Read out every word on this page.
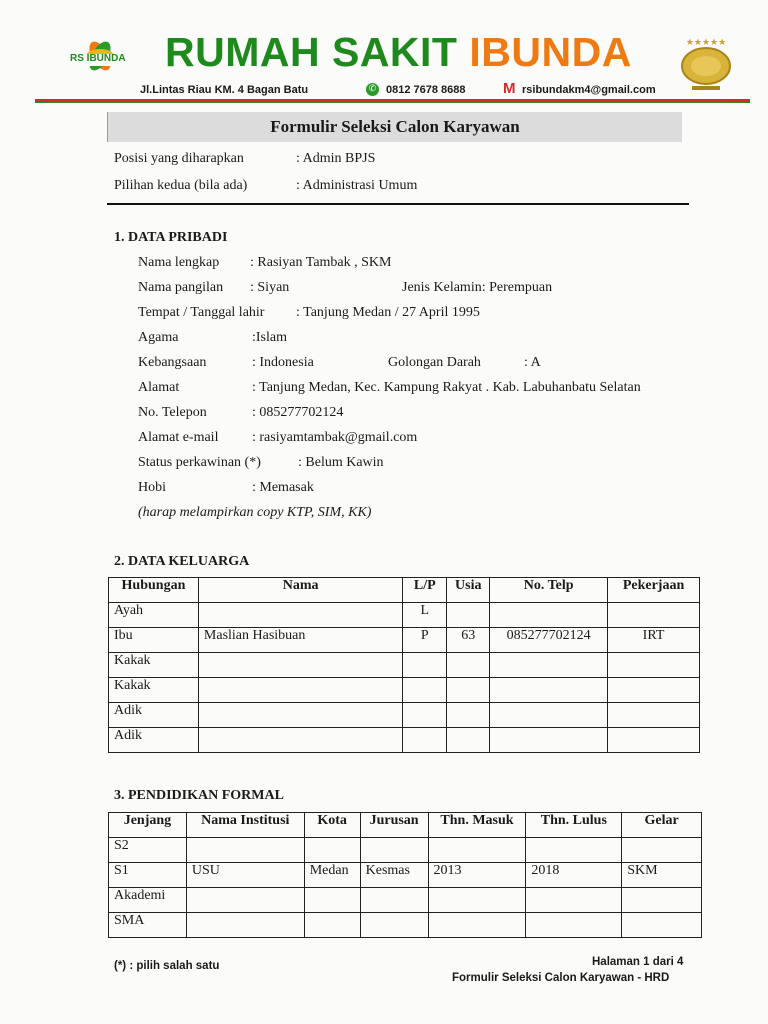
RS IBUNDA RUMAH SAKIT IBUNDA	★★★★★
Jl.Lintas Riau KM. 4 Bagan Batu	✆ 0812 7678 8688 M rsibundakm4@gmail.com
Formulir Seleksi Calon Karyawan
Posisi yang diharapkan	: Admin BPJS
Pilihan kedua (bila ada)	: Administrasi Umum
1. DATA PRIBADI
Nama lengkap : Rasiyan Tambak , SKM
Nama pangilan : Siyan	Jenis Kelamin: Perempuan
Tempat / Tanggal lahir : Tanjung Medan / 27 April 1995
Agama	:Islam
Kebangsaan	: Indonesia	Golongan Darah	: A
Alamat	: Tanjung Medan, Kec. Kampung Rakyat . Kab. Labuhanbatu Selatan
No. Telepon	: 085277702124
Alamat e-mail : rasiyamtambak@gmail.com
Status perkawinan (*)	: Belum Kawin
Hobi	: Memasak
(harap melampirkan copy KTP, SIM, KK)
2. DATA KELUARGA
Hubungan	Nama	L/P	Usia	No. Telp	Pekerjaan
Ayah		L			
Ibu	Maslian Hasibuan	P	63	085277702124	IRT
Kakak					
Kakak					
Adik					
Adik					
3. PENDIDIKAN FORMAL
Jenjang	Nama Institusi	Kota	Jurusan	Thn. Masuk	Thn. Lulus	Gelar
S2						
S1	USU	Medan	Kesmas	2013	2018	SKM
Akademi						
SMA						
(*) : pilih salah satu	Halaman 1 dari 4
Formulir Seleksi Calon Karyawan - HRD
